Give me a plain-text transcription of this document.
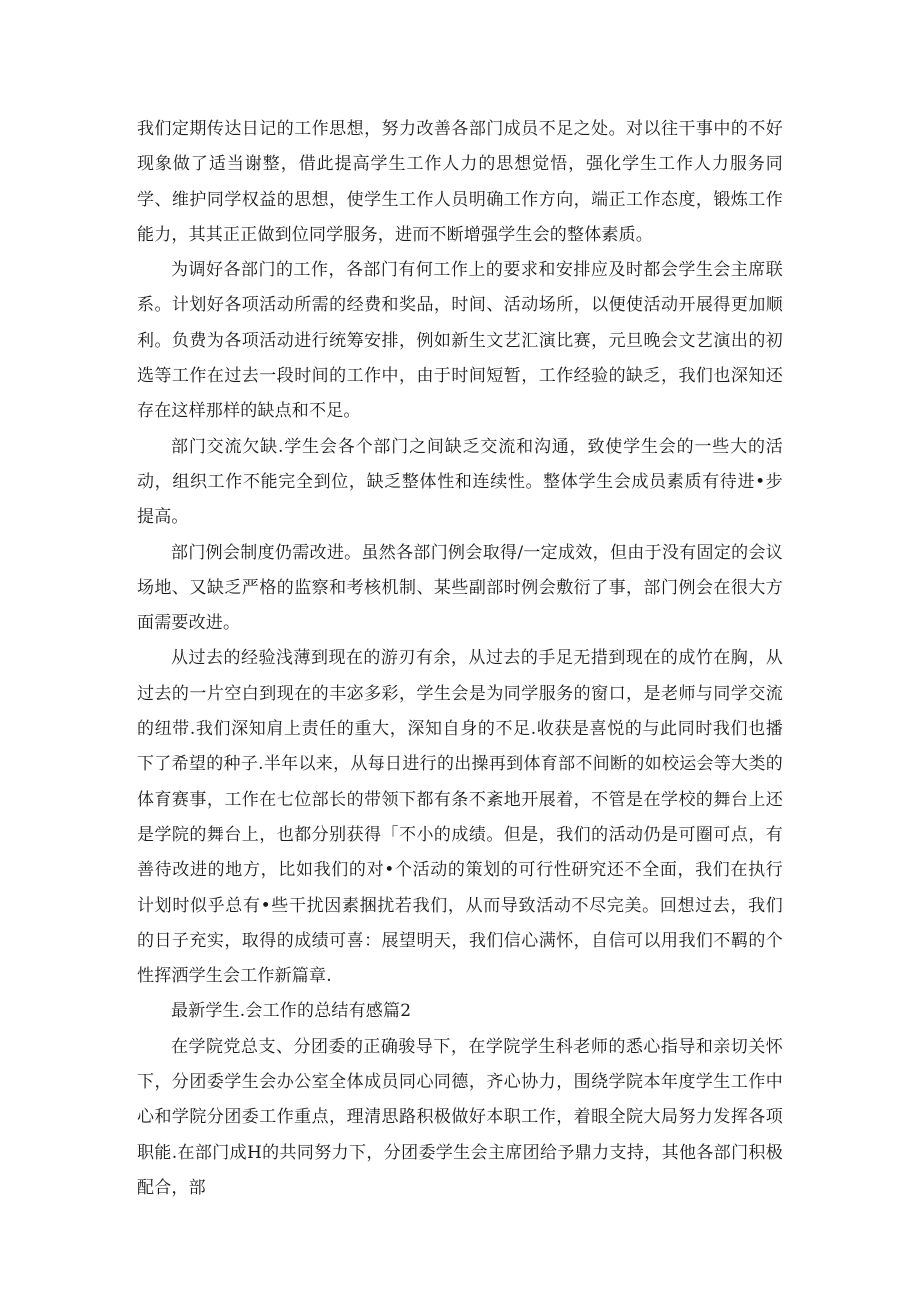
我们定期传达日记的工作思想，努力改善各部门成员不足之处。对以往干事中的不好现象做了适当谢整，借此提高学生工作人力的思想觉悟，强化学生工作人力服务同学、维护同学权益的思想，使学生工作人员明确工作方向，端正工作态度，锻炼工作能力，其其正正做到位同学服务，进而不断增强学生会的整体素质。

为调好各部门的工作，各部门有何工作上的要求和安排应及时都会学生会主席联系。计划好各项活动所需的经费和奖品，时间、活动场所，以便使活动开展得更加顺利。负费为各项活动进行统筹安排，例如新生文艺汇演比赛，元旦晚会文艺演出的初选等工作在过去一段时间的工作中，由于时间短暂，工作经验的缺乏，我们也深知还存在这样那样的缺点和不足。

部门交流欠缺.学生会各个部门之间缺乏交流和沟通，致使学生会的一些大的活动，组织工作不能完全到位，缺乏整体性和连续性。整体学生会成员素质有待进•步提高。

部门例会制度仍需改进。虽然各部门例会取得/一定成效，但由于没有固定的会议场地、又缺乏严格的监察和考核机制、某些副部时例会敷衍了事，部门例会在很大方面需要改进。

从过去的经验浅薄到现在的游刃有余，从过去的手足无措到现在的成竹在胸，从过去的一片空白到现在的丰宓多彩，学生会是为同学服务的窗口，是老师与同学交流的纽带.我们深知肩上责任的重大，深知自身的不足.收获是喜悦的与此同时我们也播下了希望的种子.半年以来，从每日进行的出操再到体育部不间断的如校运会等大类的体育赛事，工作在七位部长的带领下都有条不紊地开展着，不管是在学校的舞台上还是学院的舞台上，也都分别获得「不小的成绩。但是，我们的活动仍是可圈可点，有善待改进的地方，比如我们的对•个活动的策划的可行性研究还不全面，我们在执行计划时似乎总有•些干扰因素捆扰若我们，从而导致活动不尽完美。回想过去，我们的日子充实，取得的成绩可喜：展望明天，我们信心满怀，自信可以用我们不羁的个性挥洒学生会工作新篇章.

最新学生.会工作的总结有感篇2

在学院党总支、分团委的正确骏导下，在学院学生科老师的悉心指导和亲切关怀下，分团委学生会办公室全体成员同心同德，齐心协力，围绕学院本年度学生工作中心和学院分团委工作重点，理清思路积极做好本职工作，着眼全院大局努力发挥各项职能.在部门成H的共同努力下，分团委学生会主席团给予鼎力支持，其他各部门积极配合，部
